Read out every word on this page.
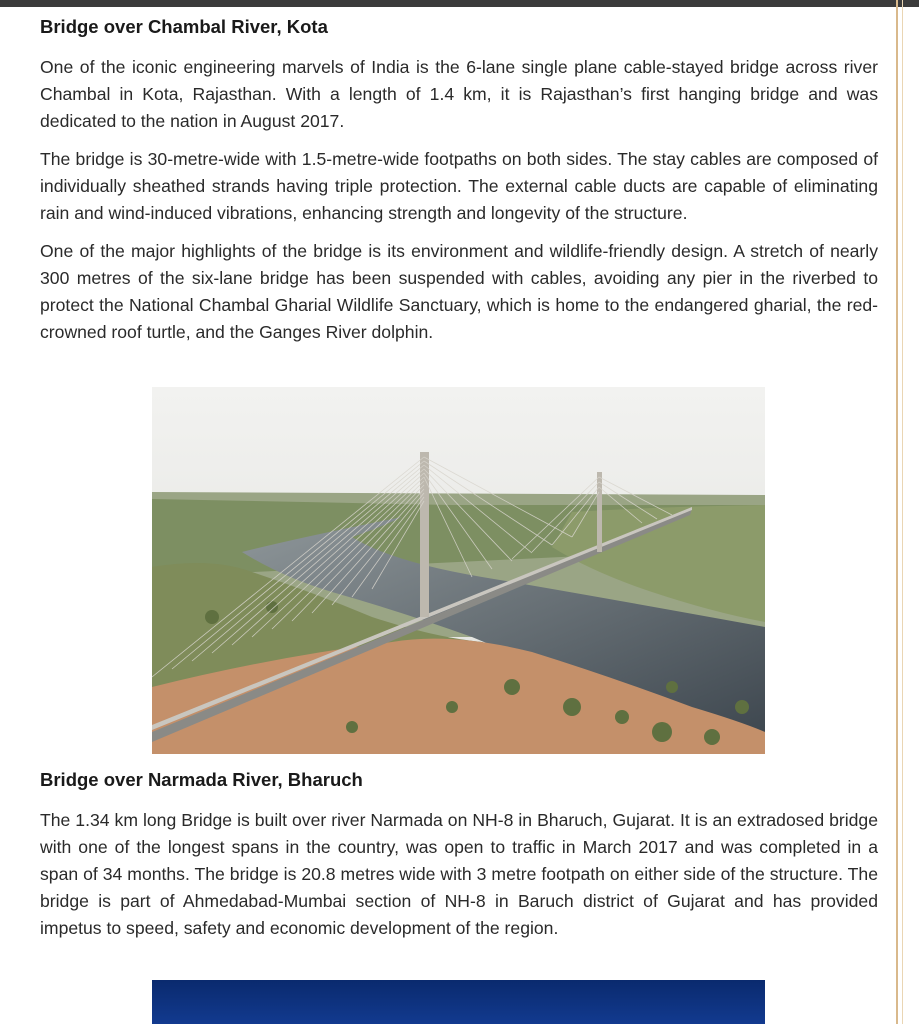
Bridge over Chambal River, Kota

One of the iconic engineering marvels of India is the 6-lane single plane cable-stayed bridge across river Chambal in Kota, Rajasthan. With a length of 1.4 km, it is Rajasthan’s first hanging bridge and was dedicated to the nation in August 2017.

The bridge is 30-metre-wide with 1.5-metre-wide footpaths on both sides. The stay cables are composed of individually sheathed strands having triple protection. The external cable ducts are capable of eliminating rain and wind-induced vibrations, enhancing strength and longevity of the structure.

One of the major highlights of the bridge is its environment and wildlife-friendly design. A stretch of nearly 300 metres of the six-lane bridge has been suspended with cables, avoiding any pier in the riverbed to protect the National Chambal Gharial Wildlife Sanctuary, which is home to the endangered gharial, the red-crowned roof turtle, and the Ganges River dolphin.

Bridge over Narmada River, Bharuch

The 1.34 km long Bridge is built over river Narmada on NH-8 in Bharuch, Gujarat. It is an extradosed bridge with one of the longest spans in the country, was open to traffic in March 2017 and was completed in a span of 34 months. The bridge is 20.8 metres wide with 3 metre footpath on either side of the structure. The bridge is part of Ahmedabad-Mumbai section of NH-8 in Baruch district of Gujarat and has provided impetus to speed, safety and economic development of the region.
